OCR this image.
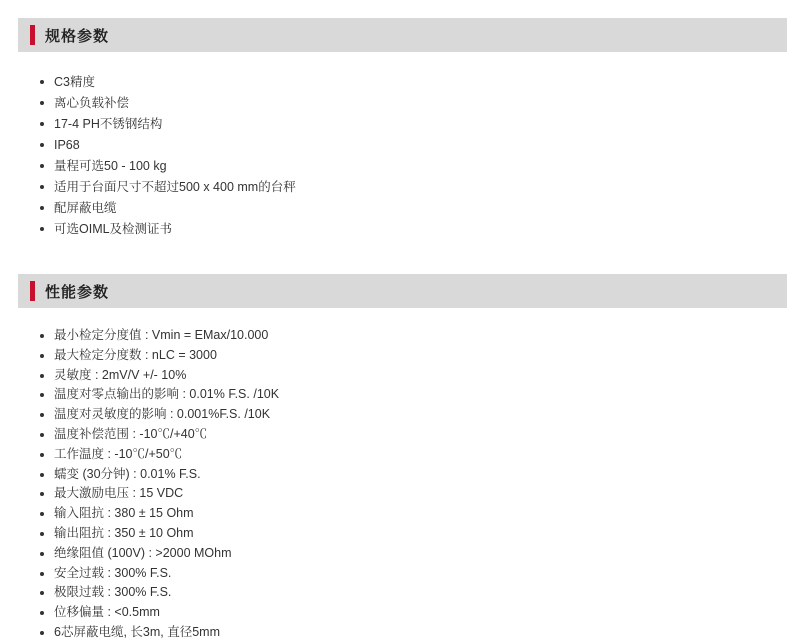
规格参数
C3精度
离心负载补偿
17-4 PH不锈钢结构
IP68
量程可选50 - 100 kg
适用于台面尺寸不超过500 x 400 mm的台秤
配屏蔽电缆
可选OIML及检测证书
性能参数
最小检定分度值 : Vmin = EMax/10.000
最大检定分度数 : nLC = 3000
灵敏度 : 2mV/V +/- 10%
温度对零点输出的影响 : 0.01% F.S. /10K
温度对灵敏度的影响 : 0.001%F.S. /10K
温度补偿范围 : -10℃/+40℃
工作温度 : -10℃/+50℃
蠕变 (30分钟) : 0.01% F.S.
最大激励电压 : 15 VDC
输入阻抗 : 380 ± 15 Ohm
输出阻抗 : 350 ± 10 Ohm
绝缘阻值 (100V) : >2000 MOhm
安全过载 : 300% F.S.
极限过载 : 300% F.S.
位移偏量 : <0.5mm
6芯屏蔽电缆, 长3m, 直径5mm
